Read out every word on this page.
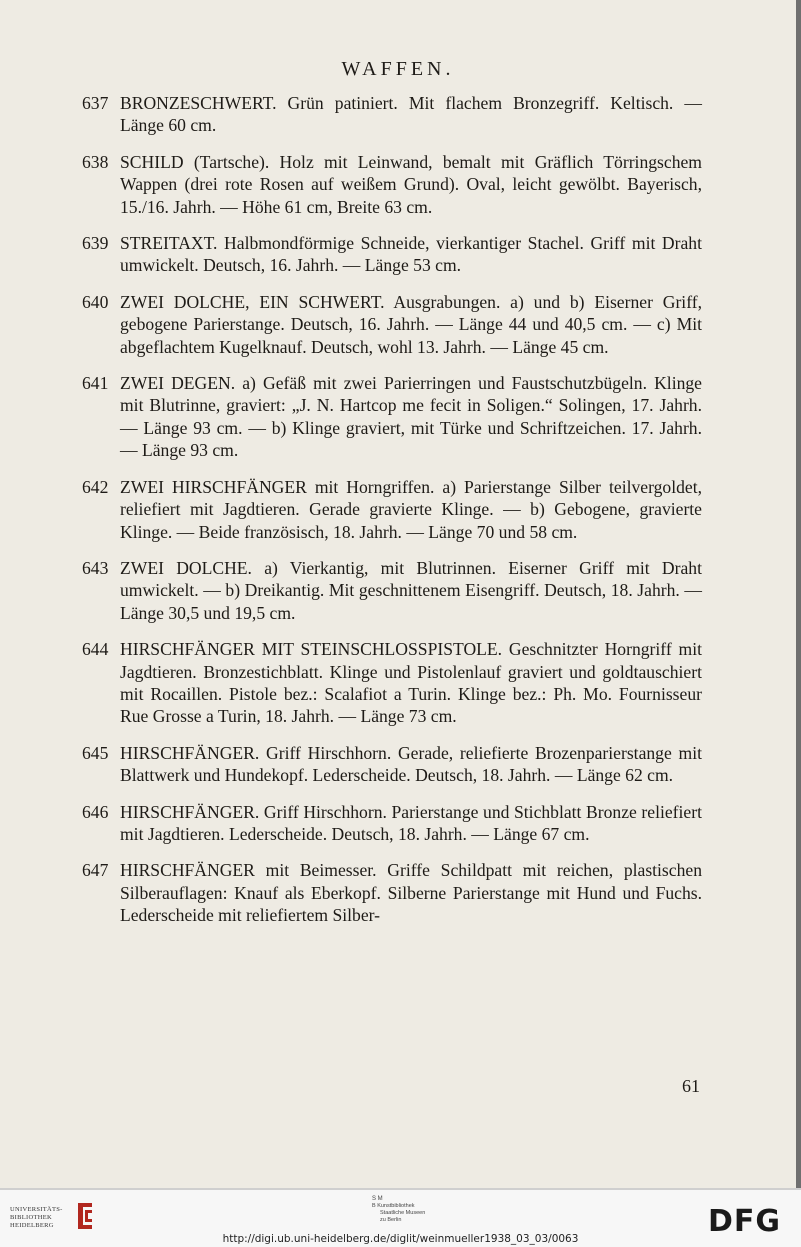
WAFFEN.
637 BRONZESCHWERT. Grün patiniert. Mit flachem Bronzegriff. Keltisch. — Länge 60 cm.
638 SCHILD (Tartsche). Holz mit Leinwand, bemalt mit Gräflich Törringschem Wappen (drei rote Rosen auf weißem Grund). Oval, leicht gewölbt. Bayerisch, 15./16. Jahrh. — Höhe 61 cm, Breite 63 cm.
639 STREITAXT. Halbmondförmige Schneide, vierkantiger Stachel. Griff mit Draht umwickelt. Deutsch, 16. Jahrh. — Länge 53 cm.
640 ZWEI DOLCHE, EIN SCHWERT. Ausgrabungen. a) und b) Eiserner Griff, gebogene Parierstange. Deutsch, 16. Jahrh. — Länge 44 und 40,5 cm. — c) Mit abgeflachtem Kugelknauf. Deutsch, wohl 13. Jahrh. — Länge 45 cm.
641 ZWEI DEGEN. a) Gefäß mit zwei Parierringen und Faustschutzbügeln. Klinge mit Blutrinne, graviert: „J. N. Hartcop me fecit in Soligen.“ Solingen, 17. Jahrh. — Länge 93 cm. — b) Klinge graviert, mit Türke und Schriftzeichen. 17. Jahrh. — Länge 93 cm.
642 ZWEI HIRSCHFÄNGER mit Horngriffen. a) Parierstange Silber teilvergoldet, reliefiert mit Jagdtieren. Gerade gravierte Klinge. — b) Gebogene, gravierte Klinge. — Beide französisch, 18. Jahrh. — Länge 70 und 58 cm.
643 ZWEI DOLCHE. a) Vierkantig, mit Blutrinnen. Eiserner Griff mit Draht umwickelt. — b) Dreikantig. Mit geschnittenem Eisengriff. Deutsch, 18. Jahrh. — Länge 30,5 und 19,5 cm.
644 HIRSCHFÄNGER MIT STEINSCHLOSSPISTOLE. Geschnitzter Horngriff mit Jagdtieren. Bronzestichblatt. Klinge und Pistolenlauf graviert und goldtauschiert mit Rocaillen. Pistole bez.: Scalafiot a Turin. Klinge bez.: Ph. Mo. Fournisseur Rue Grosse a Turin, 18. Jahrh. — Länge 73 cm.
645 HIRSCHFÄNGER. Griff Hirschhorn. Gerade, reliefierte Brozenparierstange mit Blattwerk und Hundekopf. Lederscheide. Deutsch, 18. Jahrh. — Länge 62 cm.
646 HIRSCHFÄNGER. Griff Hirschhorn. Parierstange und Stichblatt Bronze reliefiert mit Jagdtieren. Lederscheide. Deutsch, 18. Jahrh. — Länge 67 cm.
647 HIRSCHFÄNGER mit Beimesser. Griffe Schildpatt mit reichen, plastischen Silberauflagen: Knauf als Eberkopf. Silberne Parierstange mit Hund und Fuchs. Lederscheide mit reliefiertem Silber-
61
UNIVERSITÄTS-
BIBLIOTHEK
HEIDELBERG
S M
B Kunstbibliothek
Staatliche Museen
zu Berlin	DFG
http://digi.ub.uni-heidelberg.de/diglit/weinmueller1938_03_03/0063
